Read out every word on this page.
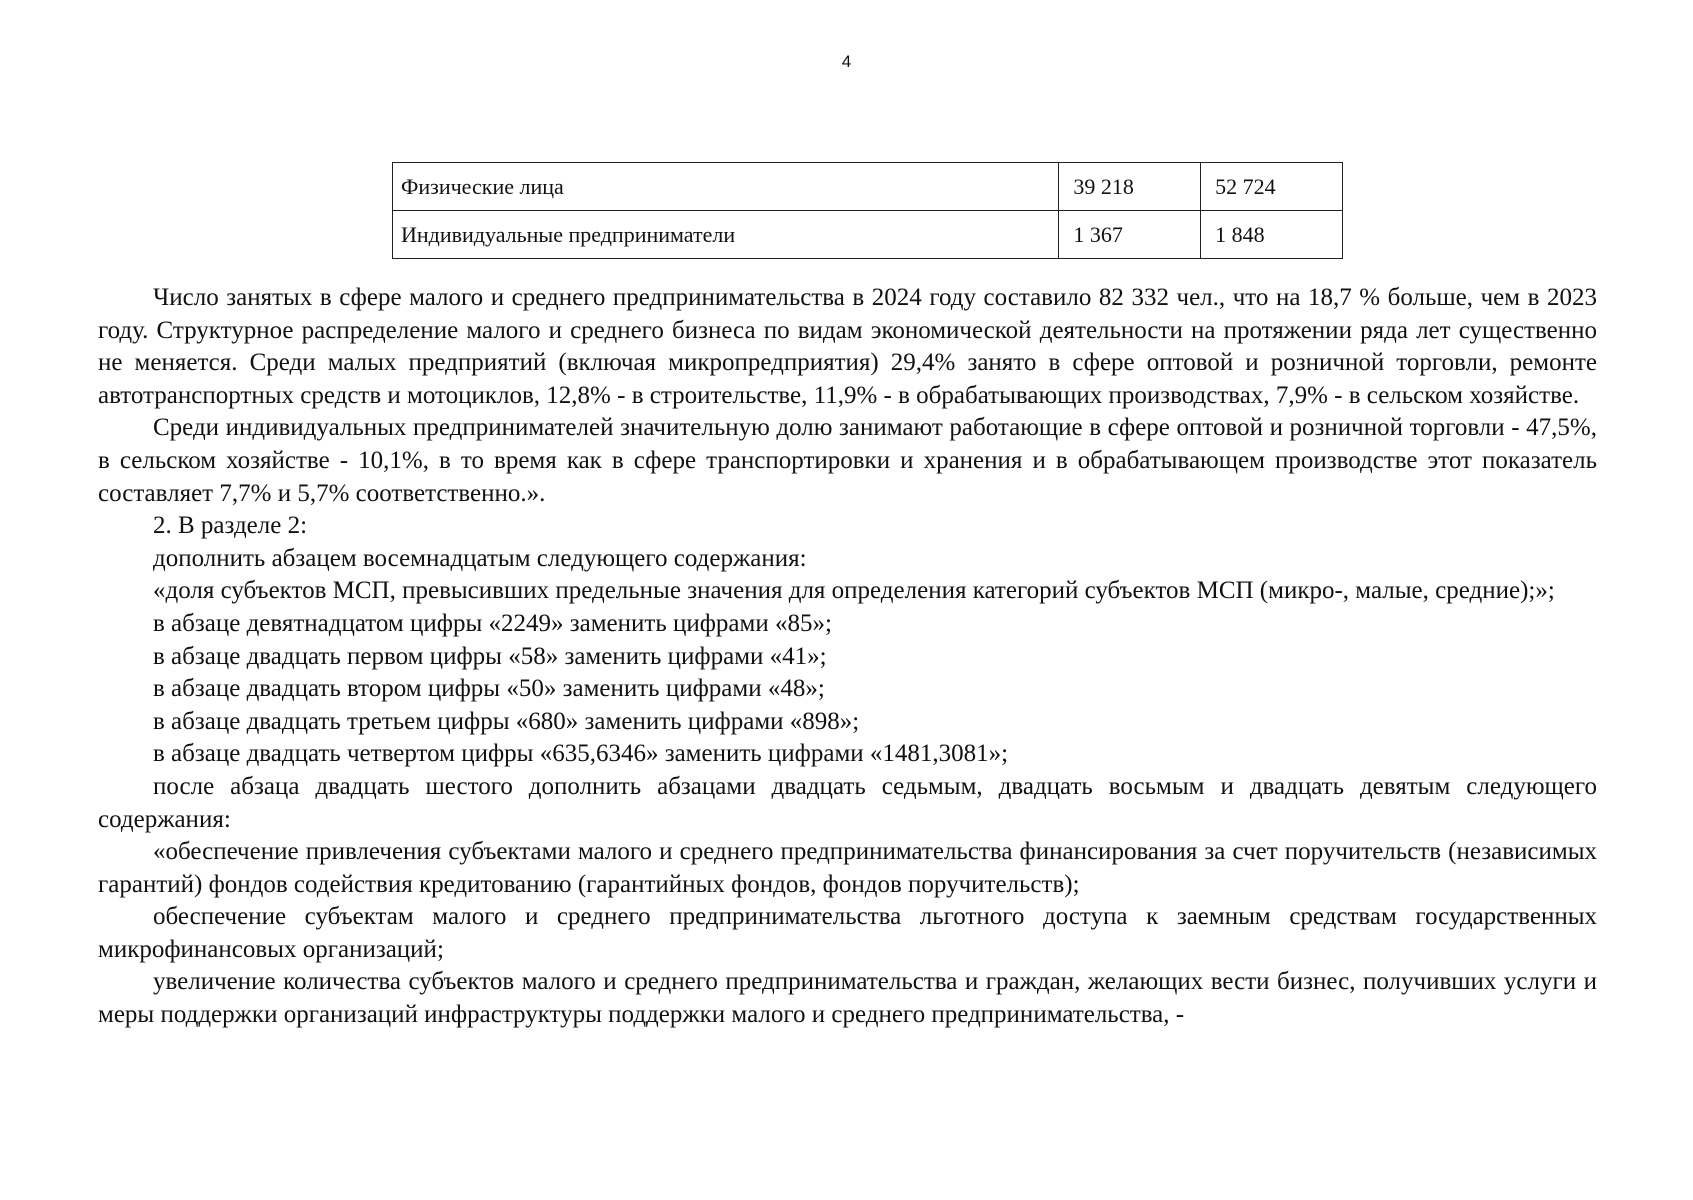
4
Физические лица	39 218	52 724
Индивидуальные предприниматели	1 367	1 848

Число занятых в сфере малого и среднего предпринимательства в 2024 году составило 82 332 чел., что на 18,7 % больше, чем в 2023 году. Структурное распределение малого и среднего бизнеса по видам экономической деятельности на протяжении ряда лет существенно не меняется. Среди малых предприятий (включая микропредприятия) 29,4% занято в сфере оптовой и розничной торговли, ремонте автотранспортных средств и мотоциклов, 12,8% - в строительстве, 11,9% - в обрабатывающих производствах, 7,9% - в сельском хозяйстве.

Среди индивидуальных предпринимателей значительную долю занимают работающие в сфере оптовой и розничной торговли - 47,5%, в сельском хозяйстве - 10,1%, в то время как в сфере транспортировки и хранения и в обрабатывающем производстве этот показатель составляет 7,7% и 5,7% соответственно.».

2. В разделе 2:

дополнить абзацем восемнадцатым следующего содержания:

«доля субъектов МСП, превысивших предельные значения для определения категорий субъектов МСП (микро-, малые, средние);»;

в абзаце девятнадцатом цифры «2249» заменить цифрами «85»;

в абзаце двадцать первом цифры «58» заменить цифрами «41»;

в абзаце двадцать втором цифры «50» заменить цифрами «48»;

в абзаце двадцать третьем цифры «680» заменить цифрами «898»;

в абзаце двадцать четвертом цифры «635,6346» заменить цифрами «1481,3081»;

после абзаца двадцать шестого дополнить абзацами двадцать седьмым, двадцать восьмым и двадцать девятым следующего содержания:

«обеспечение привлечения субъектами малого и среднего предпринимательства финансирования за счет поручительств (независимых гарантий) фондов содействия кредитованию (гарантийных фондов, фондов поручительств);

обеспечение субъектам малого и среднего предпринимательства льготного доступа к заемным средствам государственных микрофинансовых организаций;

увеличение количества субъектов малого и среднего предпринимательства и граждан, желающих вести бизнес, получивших услуги и меры поддержки организаций инфраструктуры поддержки малого и среднего предпринимательства, -
